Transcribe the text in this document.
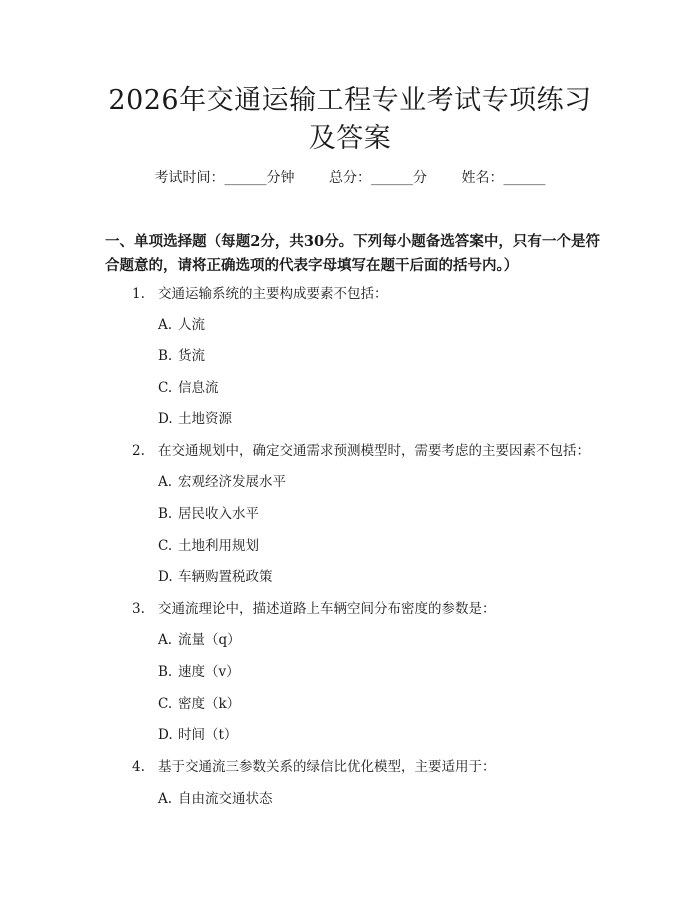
2026年交通运输工程专业考试专项练习及答案
考试时间：______分钟 总分：______分 姓名：______

一、单项选择题（每题2分，共30分。下列每小题备选答案中，只有一个是符合题意的，请将正确选项的代表字母填写在题干后面的括号内。）

1. 交通运输系统的主要构成要素不包括：
A. 人流
B. 货流
C. 信息流
D. 土地资源
2. 在交通规划中，确定交通需求预测模型时，需要考虑的主要因素不包括：
A. 宏观经济发展水平
B. 居民收入水平
C. 土地利用规划
D. 车辆购置税政策
3. 交通流理论中，描述道路上车辆空间分布密度的参数是：
A. 流量（q）
B. 速度（v）
C. 密度（k）
D. 时间（t）
4. 基于交通流三参数关系的绿信比优化模型，主要适用于：
A. 自由流交通状态
